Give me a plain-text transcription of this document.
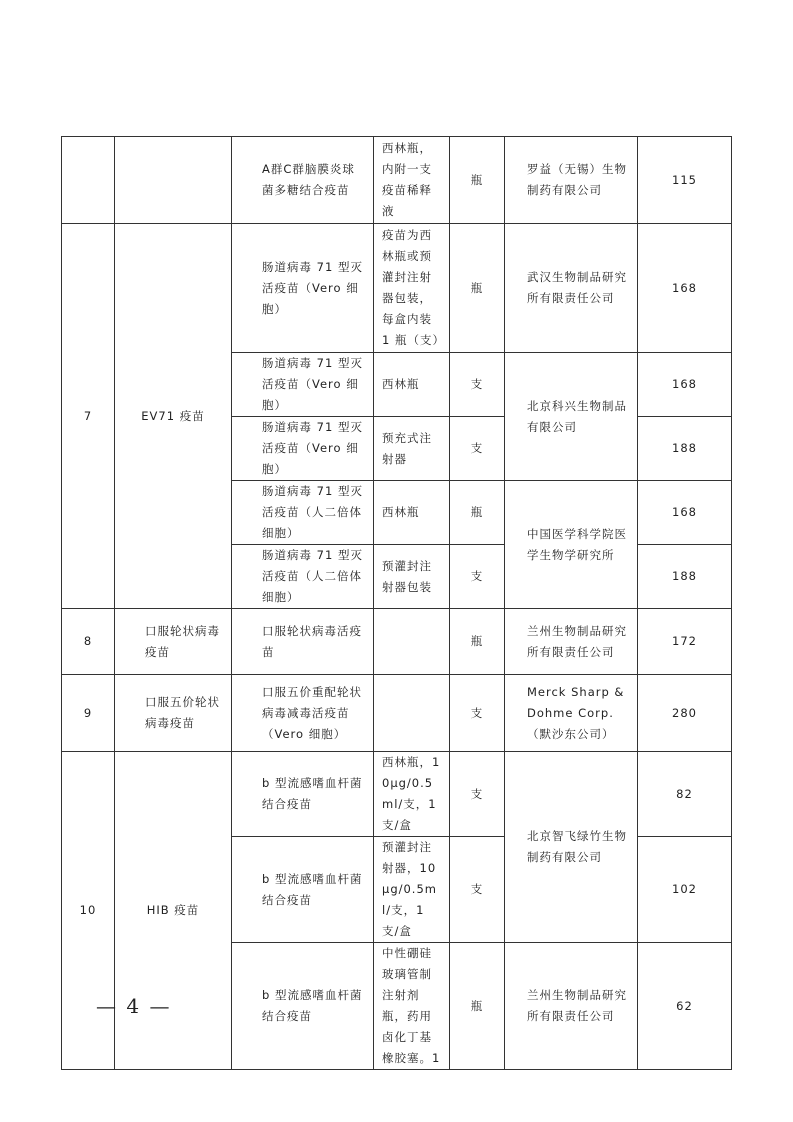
		A群C群脑膜炎球菌多糖结合疫苗	西林瓶，内附一支疫苗稀释液	瓶	罗益（无锡）生物制药有限公司	115
7	EV71 疫苗	肠道病毒 71 型灭活疫苗（Vero 细胞）	疫苗为西林瓶或预灌封注射器包装，每盒内装 1 瓶（支）	瓶	武汉生物制品研究所有限责任公司	168
		肠道病毒 71 型灭活疫苗（Vero 细胞）	西林瓶	支	北京科兴生物制品有限公司	168
		肠道病毒 71 型灭活疫苗（Vero 细胞）	预充式注射器	支		188
		肠道病毒 71 型灭活疫苗（人二倍体细胞）	西林瓶	瓶	中国医学科学院医学生物学研究所	168
		肠道病毒 71 型灭活疫苗（人二倍体细胞）	预灌封注射器包装	支		188
8	口服轮状病毒疫苗	口服轮状病毒活疫苗		瓶	兰州生物制品研究所有限责任公司	172
9	口服五价轮状病毒疫苗	口服五价重配轮状病毒减毒活疫苗（Vero 细胞）		支	Merck Sharp & Dohme Corp.（默沙东公司）	280
10	HIB 疫苗	b 型流感嗜血杆菌结合疫苗	西林瓶，10μg/0.5ml/支，1 支/盒	支	北京智飞绿竹生物制药有限公司	82
		b 型流感嗜血杆菌结合疫苗	预灌封注射器，10μg/0.5ml/支，1 支/盒	支		102
		b 型流感嗜血杆菌结合疫苗	中性硼硅玻璃管制注射剂瓶，药用卤化丁基橡胶塞。1	瓶	兰州生物制品研究所有限责任公司	62
— 4 —
